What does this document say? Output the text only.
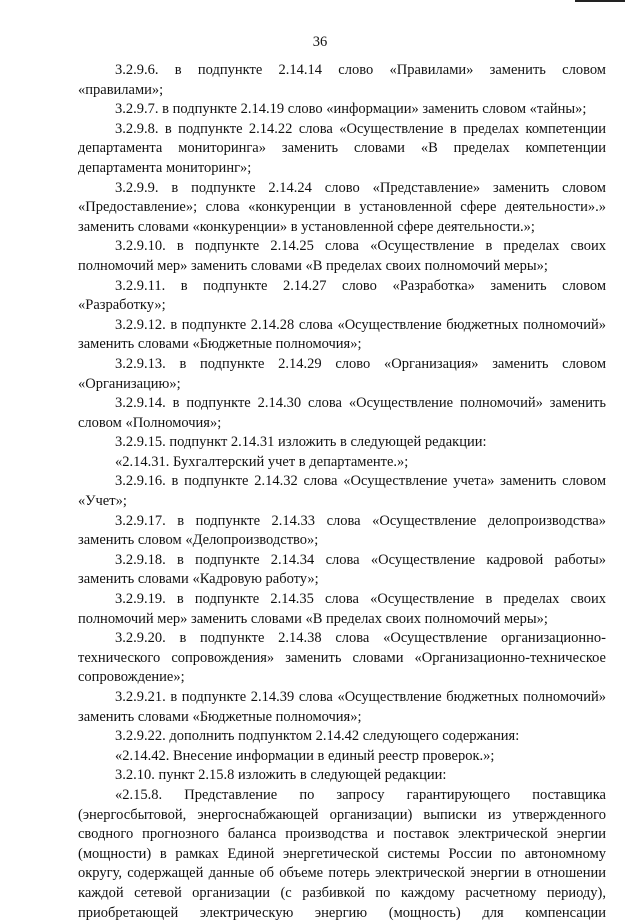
36

3.2.9.6. в подпункте 2.14.14 слово «Правилами» заменить словом «правилами»;

3.2.9.7. в подпункте 2.14.19 слово «информации» заменить словом «тайны»;

3.2.9.8. в подпункте 2.14.22 слова «Осуществление в пределах компетенции департамента мониторинга» заменить словами «В пределах компетенции департамента мониторинг»;

3.2.9.9. в подпункте 2.14.24 слово «Представление» заменить словом «Предоставление»; слова «конкуренции в установленной сфере деятельности».» заменить словами «конкуренции» в установленной сфере деятельности.»;

3.2.9.10. в подпункте 2.14.25 слова «Осуществление в пределах своих полномочий мер» заменить словами «В пределах своих полномочий меры»;

3.2.9.11. в подпункте 2.14.27 слово «Разработка» заменить словом «Разработку»;

3.2.9.12. в подпункте 2.14.28 слова «Осуществление бюджетных полномочий» заменить словами «Бюджетные полномочия»;

3.2.9.13. в подпункте 2.14.29 слово «Организация» заменить словом «Организацию»;

3.2.9.14. в подпункте 2.14.30 слова «Осуществление полномочий» заменить словом «Полномочия»;

3.2.9.15. подпункт 2.14.31 изложить в следующей редакции:

«2.14.31. Бухгалтерский учет в департаменте.»;

3.2.9.16. в подпункте 2.14.32 слова «Осуществление учета» заменить словом «Учет»;

3.2.9.17. в подпункте 2.14.33 слова «Осуществление делопроизводства» заменить словом «Делопроизводство»;

3.2.9.18. в подпункте 2.14.34 слова «Осуществление кадровой работы» заменить словами «Кадровую работу»;

3.2.9.19. в подпункте 2.14.35 слова «Осуществление в пределах своих полномочий мер» заменить словами «В пределах своих полномочий меры»;

3.2.9.20. в подпункте 2.14.38 слова «Осуществление организационно-технического сопровождения» заменить словами «Организационно-техническое сопровождение»;

3.2.9.21. в подпункте 2.14.39 слова «Осуществление бюджетных полномочий» заменить словами «Бюджетные полномочия»;

3.2.9.22. дополнить подпунктом 2.14.42 следующего содержания:

«2.14.42. Внесение информации в единый реестр проверок.»;

3.2.10. пункт 2.15.8 изложить в следующей редакции:

«2.15.8. Представление по запросу гарантирующего поставщика (энергосбытовой, энергоснабжающей организации) выписки из утвержденного сводного прогнозного баланса производства и поставок электрической энергии (мощности) в рамках Единой энергетической системы России по автономному округу, содержащей данные об объеме потерь электрической энергии в отношении каждой сетевой организации (с разбивкой по каждому расчетному периоду), приобретающей электрическую энергию (мощность) для компенсации
